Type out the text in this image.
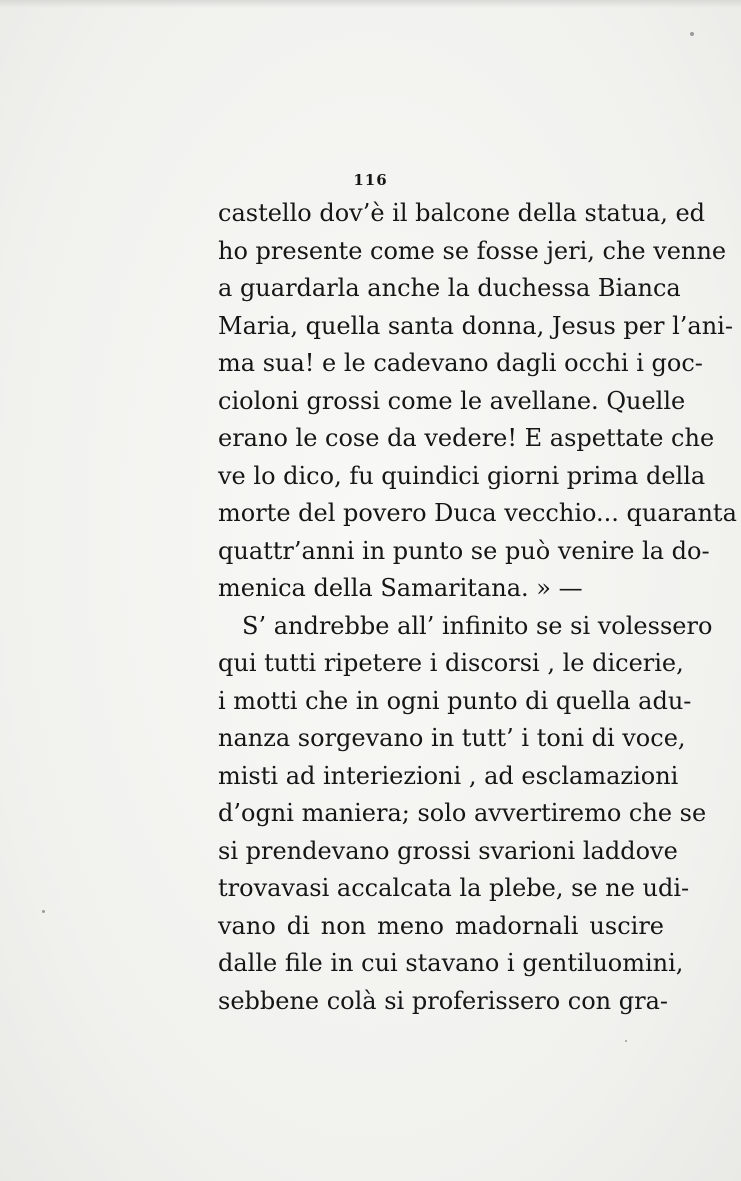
116
castello dov’è il balcone della statua, ed
ho presente come se fosse jeri, che venne
a guardarla anche la duchessa Bianca
Maria, quella santa donna, Jesus per l’ani-
ma sua! e le cadevano dagli occhi i goc-
cioloni grossi come le avellane. Quelle
erano le cose da vedere! E aspettate che
ve lo dico, fu quindici giorni prima della
morte del povero Duca vecchio... quaranta
quattr’anni in punto se può venire la do-
menica della Samaritana. » —
S’ andrebbe all’ infinito se si volessero
qui tutti ripetere i discorsi , le dicerie,
i motti che in ogni punto di quella adu-
nanza sorgevano in tutt’ i toni di voce,
misti ad interiezioni , ad esclamazioni
d’ogni maniera; solo avvertiremo che se
si prendevano grossi svarioni laddove
trovavasi accalcata la plebe, se ne udi-
vano di non meno madornali uscire
dalle file in cui stavano i gentiluomini,
sebbene colà si proferissero con gra-
